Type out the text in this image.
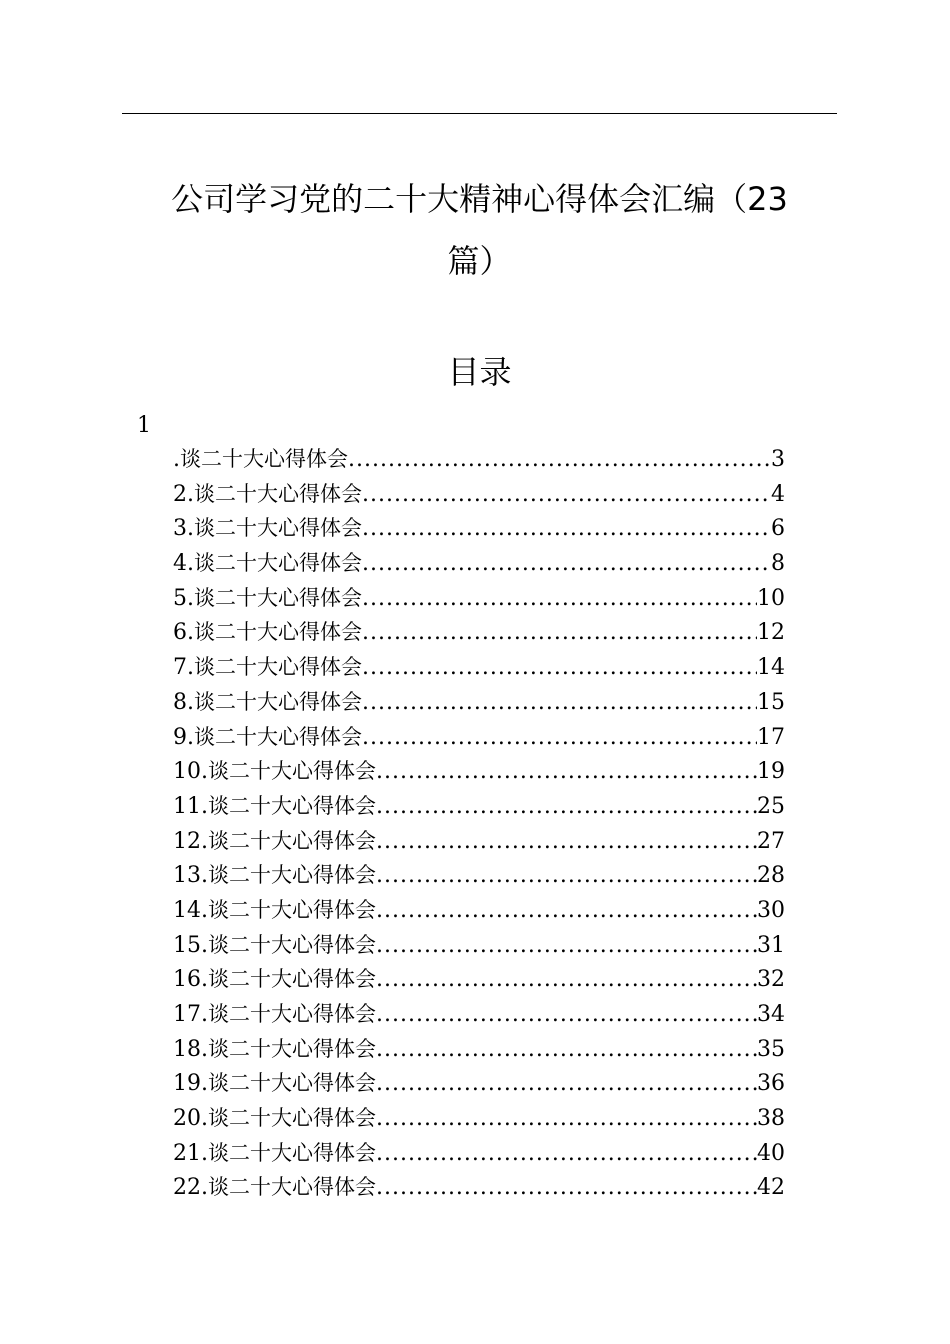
公司学习党的二十大精神心得体会汇编（23
篇）
目录
1
. 谈二十大心得体会 .....	3
2. 谈二十大心得体会 .....	4
3. 谈二十大心得体会 .....	6
4. 谈二十大心得体会 .....	8
5. 谈二十大心得体会 .....	10
6. 谈二十大心得体会 .....	12
7. 谈二十大心得体会 .....	14
8. 谈二十大心得体会 .....	15
9. 谈二十大心得体会 .....	17
10. 谈二十大心得体会 .....	19
11. 谈二十大心得体会 .....	25
12. 谈二十大心得体会 .....	27
13. 谈二十大心得体会 .....	28
14. 谈二十大心得体会 .....	30
15. 谈二十大心得体会 .....	31
16. 谈二十大心得体会 .....	32
17. 谈二十大心得体会 .....	34
18. 谈二十大心得体会 .....	35
19. 谈二十大心得体会 .....	36
20. 谈二十大心得体会 .....	38
21. 谈二十大心得体会 .....	40
22. 谈二十大心得体会 .....	42
